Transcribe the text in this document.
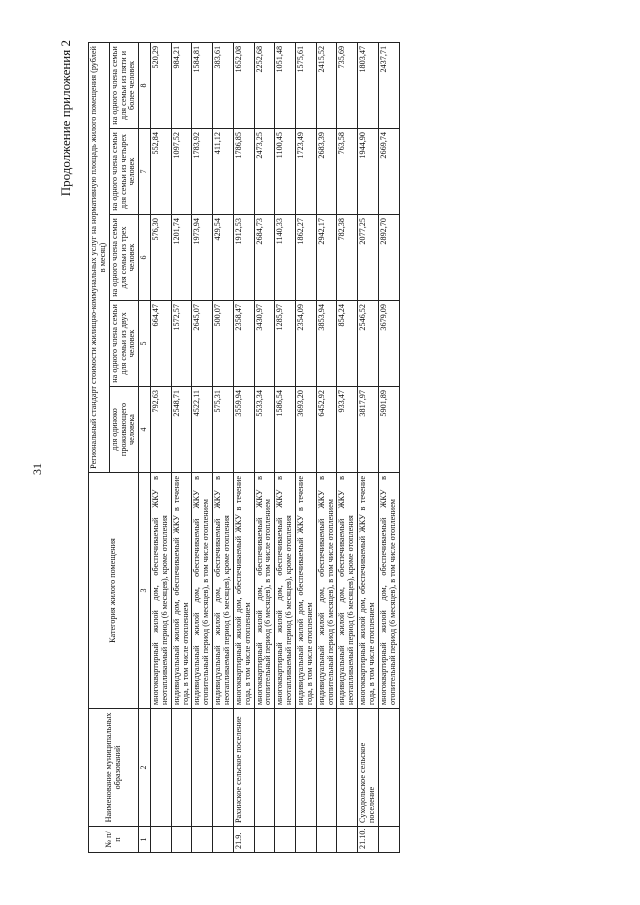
31
Продолжение приложения 2
№ п/п	Наименование муниципальных образований	Категория жилого помещения	Региональный стандарт стоимости жилищно-коммунальных услуг на нормативную площадь жилого помещения (рублей в месяц)				
			для одиноко проживающего человека	на одного члена семьи для семьи из двух человек	на одного члена семьи для семьи из трех человек	на одного члена семьи для семьи из четырех человек	на одного члена семьи для семьи из пяти и более человек
1	2	3	4	5	6	7	8
		многоквартирный жилой дом, обеспечиваемый ЖКУ в неотапливаемый период (6 месяцев), кроме отопления	792,63	664,47	576,30	552,84	520,29
		индивидуальный жилой дом, обеспечиваемый ЖКУ в течение года, в том числе отоплением	2548,71	1572,57	1201,74	1097,52	984,21
		индивидуальный жилой дом, обеспечиваемый ЖКУ в отопительный период (6 месяцев), в том числе отоплением	4522,11	2645,07	1973,94	1783,92	1584,81
		индивидуальный жилой дом, обеспечиваемый ЖКУ в неотапливаемый период (6 месяцев), кроме отопления	575,31	500,07	429,54	411,12	383,61
21.9.	Рахинское сельское поселение	многоквартирный жилой дом, обеспечиваемый ЖКУ в течение года, в том числе отоплением	3559,94	2358,47	1912,53	1786,85	1652,08
		многоквартирный жилой дом, обеспечиваемый ЖКУ в отопительный период (6 месяцев), в том числе отоплением	5533,34	3430,97	2684,73	2473,25	2252,68
		многоквартирный жилой дом, обеспечиваемый ЖКУ в неотапливаемый период (6 месяцев), кроме отопления	1586,54	1285,97	1140,33	1100,45	1051,48
		индивидуальный жилой дом, обеспечиваемый ЖКУ в течение года, в том числе отоплением	3693,20	2354,09	1862,27	1723,49	1575,61
		индивидуальный жилой дом, обеспечиваемый ЖКУ в отопительный период (6 месяцев), в том числе отоплением	6452,92	3853,94	2942,17	2683,39	2415,52
		индивидуальный жилой дом, обеспечиваемый ЖКУ в неотапливаемый период (6 месяцев), кроме отопления	933,47	854,24	782,38	763,58	735,69
21.10.	Суходольское сельское поселение	многоквартирный жилой дом, обеспечиваемый ЖКУ в течение года, в том числе отоплением	3817,97	2546,52	2077,25	1944,90	1803,47
		многоквартирный жилой дом, обеспечиваемый ЖКУ в отопительный период (6 месяцев), в том числе отоплением	5901,89	3679,09	2892,70	2669,74	2437,71
